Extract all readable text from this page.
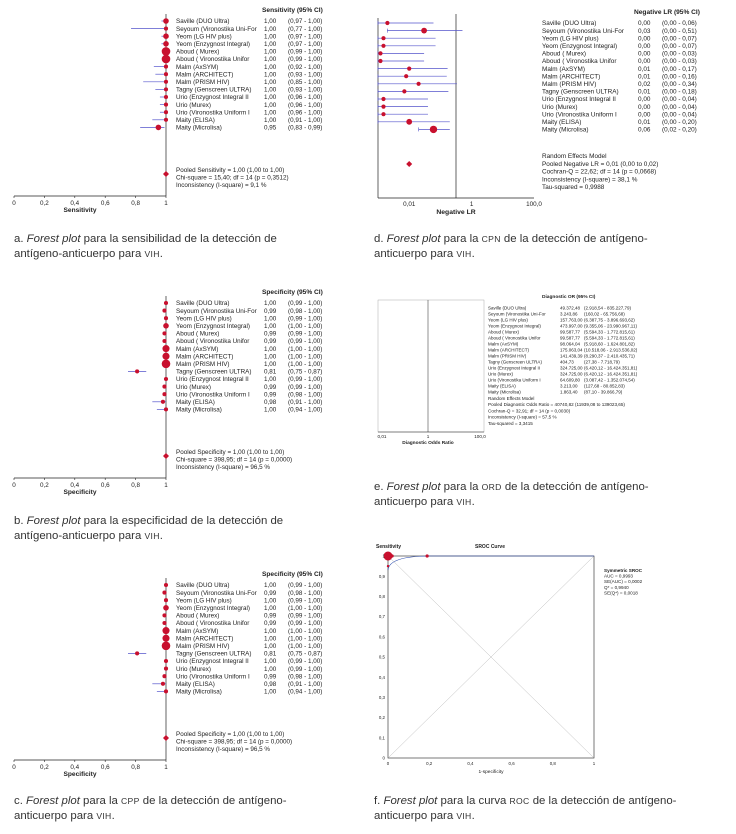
Sensitivity (95% CI)
Saville (DUO Ultra)	1,00 (0,97 - 1,00)
Seyoum (Vironostika Uni-For 1,00 (0,77 - 1,00)
Yeom (LG HIV plus)	1,00 (0,97 - 1,00)
Yeom (Enzygnost Integral) 1,00 (0,97 - 1,00)
Aboud ( Murex)	1,00 (0,99 - 1,00)
Aboud ( Vironostika Unifor 1,00 (0,99 - 1,00)
Malm (AxSYM)	1,00 (0,92 - 1,00)
Malm (ARCHITECT)	1,00 (0,93 - 1,00)
Malm (PRISM HIV)	1,00 (0,85 - 1,00)
Tagny (Genscreen ULTRA) 1,00 (0,93 - 1,00)
Urio (Enzygnost Integral II 1,00 (0,96 - 1,00)
Urio (Murex)	1,00 (0,96 - 1,00)
Urio (Vironostika Uniform I 1,00 (0,96 - 1,00)
Maity (ELISA)	1,00 (0,91 - 1,00)
Maity (Microlisa)	0,95 (0,83 - 0,99)
Pooled Sensitivity = 1,00 (1,00 to 1,00)
Chi-square = 15,40; df = 14 (p = 0,3512)
Inconsistency (I-square) = 9,1 %
0	0,2	0,4	0,6	0,8	1
Sensitivity
a. Forest plot para la sensibilidad de la detección de
antígeno-anticuerpo para VIH.
Specificity (95% CI)
Saville (DUO Ultra)	1,00 (0,99 - 1,00)
Seyoum (Vironostika Uni-For 0,99 (0,98 - 1,00)
Yeom (LG HIV plus)	1,00 (0,99 - 1,00)
Yeom (Enzygnost Integral) 1,00 (1,00 - 1,00)
Aboud ( Murex)	0,99 (0,99 - 1,00)
Aboud ( Vironostika Unifor 0,99 (0,99 - 1,00)
Malm (AxSYM)	1,00 (1,00 - 1,00)
Malm (ARCHITECT)	1,00 (1,00 - 1,00)
Malm (PRISM HIV)	1,00 (1,00 - 1,00)
Tagny (Genscreen ULTRA) 0,81 (0,75 - 0,87)
Urio (Enzygnost Integral II 1,00 (0,99 - 1,00)
Urio (Murex)	0,99 (0,99 - 1,00)
Urio (Vironostika Uniform I 0,99 (0,98 - 1,00)
Maity (ELISA)	0,98 (0,91 - 1,00)
Maity (Microlisa)	1,00 (0,94 - 1,00)
Pooled Specificity = 1,00 (1,00 to 1,00)
Chi-square = 398,95; df = 14 (p = 0,0000)
Inconsistency (I-square) = 96,5 %
0	0,2	0,4	0,6	0,8	1
Specificity
b. Forest plot para la especificidad de la detección de
antígeno-anticuerpo para VIH.
Specificity (95% CI)
Saville (DUO Ultra)	1,00 (0,99 - 1,00)
Seyoum (Vironostika Uni-For 0,99 (0,98 - 1,00)
Yeom (LG HIV plus)	1,00 (0,99 - 1,00)
Yeom (Enzygnost Integral) 1,00 (1,00 - 1,00)
Aboud ( Murex)	0,99 (0,99 - 1,00)
Aboud ( Vironostika Unifor 0,99 (0,99 - 1,00)
Malm (AxSYM)	1,00 (1,00 - 1,00)
Malm (ARCHITECT)	1,00 (1,00 - 1,00)
Malm (PRISM HIV)	1,00 (1,00 - 1,00)
Tagny (Genscreen ULTRA) 0,81 (0,75 - 0,87)
Urio (Enzygnost Integral II 1,00 (0,99 - 1,00)
Urio (Murex)	1,00 (0,99 - 1,00)
Urio (Vironostika Uniform I 0,99 (0,98 - 1,00)
Maity (ELISA)	0,98 (0,91 - 1,00)
Maity (Microlisa)	1,00 (0,94 - 1,00)
Pooled Specificity = 1,00 (1,00 to 1,00)
Chi-square = 398,95; df = 14 (p = 0,0000)
Inconsistency (I-square) = 96,5 %
0	0,2	0,4	0,6	0,8	1
Specificity
c. Forest plot para la CPP de la detección de antígeno-
anticuerpo para VIH.
Negative LR (95% CI)
Saville (DUO Ultra)	0,00 (0,00 - 0,06)
Seyoum (Vironostika Uni-For 0,03 (0,00 - 0,51)
Yeom (LG HIV plus)	0,00 (0,00 - 0,07)
Yeom (Enzygnost Integral)	0,00 (0,00 - 0,07)
Aboud ( Murex)	0,00 (0,00 - 0,03)
Aboud ( Vironostika Unifor	0,00 (0,00 - 0,03)
Malm (AxSYM)	0,01 (0,00 - 0,17)
Malm (ARCHITECT)	0,01 (0,00 - 0,16)
Malm (PRISM HIV)	0,02 (0,00 - 0,34)
Tagny (Genscreen ULTRA)	0,01 (0,00 - 0,18)
Urio (Enzygnost Integral II	0,00 (0,00 - 0,04)
Urio (Murex)	0,00 (0,00 - 0,04)
Urio (Vironostika Uniform I	0,00 (0,00 - 0,04)
Maity (ELISA)	0,01 (0,00 - 0,20)
Maity (Microlisa)	0,06 (0,02 - 0,20)
Random Effects Model
Pooled Negative LR = 0,01 (0,00 to 0,02)
Cochran-Q = 22,62; df = 14 (p = 0,0668)
Inconsistency (I-square) = 38,1 %
Tau-squared = 0,9988
0,01	1	100,0
Negative LR
d. Forest plot para la CPN de la detección de antígeno-
anticuerpo para VIH.
Diagnostic OR (95% CI)
Saville (DUO Ultra)	49.372,48 (2.918,54 - 835.227,79)
Seyoum (Vironostika Uni-For	3.243,86 (160,02 - 65.756,68)
Yeom (LG HIV plus)	157.763,00 (6.387,75 - 3.896.693,62)
Yeom (Enzygnost Integral)	473.997,00 (9.355,06 - 23.990.967,11)
Aboud ( Murex)	99.587,77 (5.594,33 - 1.772.815,61)
Aboud ( Vironostika Unifor	99.587,77 (5.594,33 - 1.772.815,61)
Malm (AxSYM)	98.064,04 (5.918,60 - 1.624.801,82)
Malm (ARCHITECT)	175.063,04 (10.518,06 - 2.913.536,02)
Malm (PRISM HIV)	141.439,39 (8.290,37 - 2.410.435,71)
Tagny (Genscreen ULTRA)	404,73 (27,38 - 7.718,79)
Urio (Enzygnost Integral II	324.725,00 (6.420,12 - 16.424.351,81)
Urio (Murex)	324.725,00 (6.420,12 - 16.424.351,81)
Urio (Vironostika Uniform I	64.609,80 (3.087,42 - 1.352.074,54)
Maity (ELISA)	3.213,00 (127,68 - 80.852,83)
Maity (Microlisa)	1.863,40 (87,10 - 39.866,79)
Random Effects Model
Pooled Diagnostic Odds Ratio = 40740,82 (11939,08 to 139023,65)
Cochran-Q = 32,91; df = 14 (p = 0,0030)
Inconsistency (I-square) = 57,5 %
Tau-squared = 3,3415
0,01	1	100,0
Diagnostic Odds Ratio
e. Forest plot para la ORD de la detección de antígeno-
anticuerpo para VIH.
Sensitivity	SROC Curve
0
0,1
0,2
0,3
0,4
0,5
0,6
0,7
0,8
0,9
1
0	0,2	0,4	0,6	0,8	1
1-specificity
Symmetric SROC
AUC = 0,9993
SE(AUC) = 0,0002
Q* = 0,9940
SE(Q*) = 0,0018
f. Forest plot para la curva ROC de la detección de antígeno-
anticuerpo para VIH.
